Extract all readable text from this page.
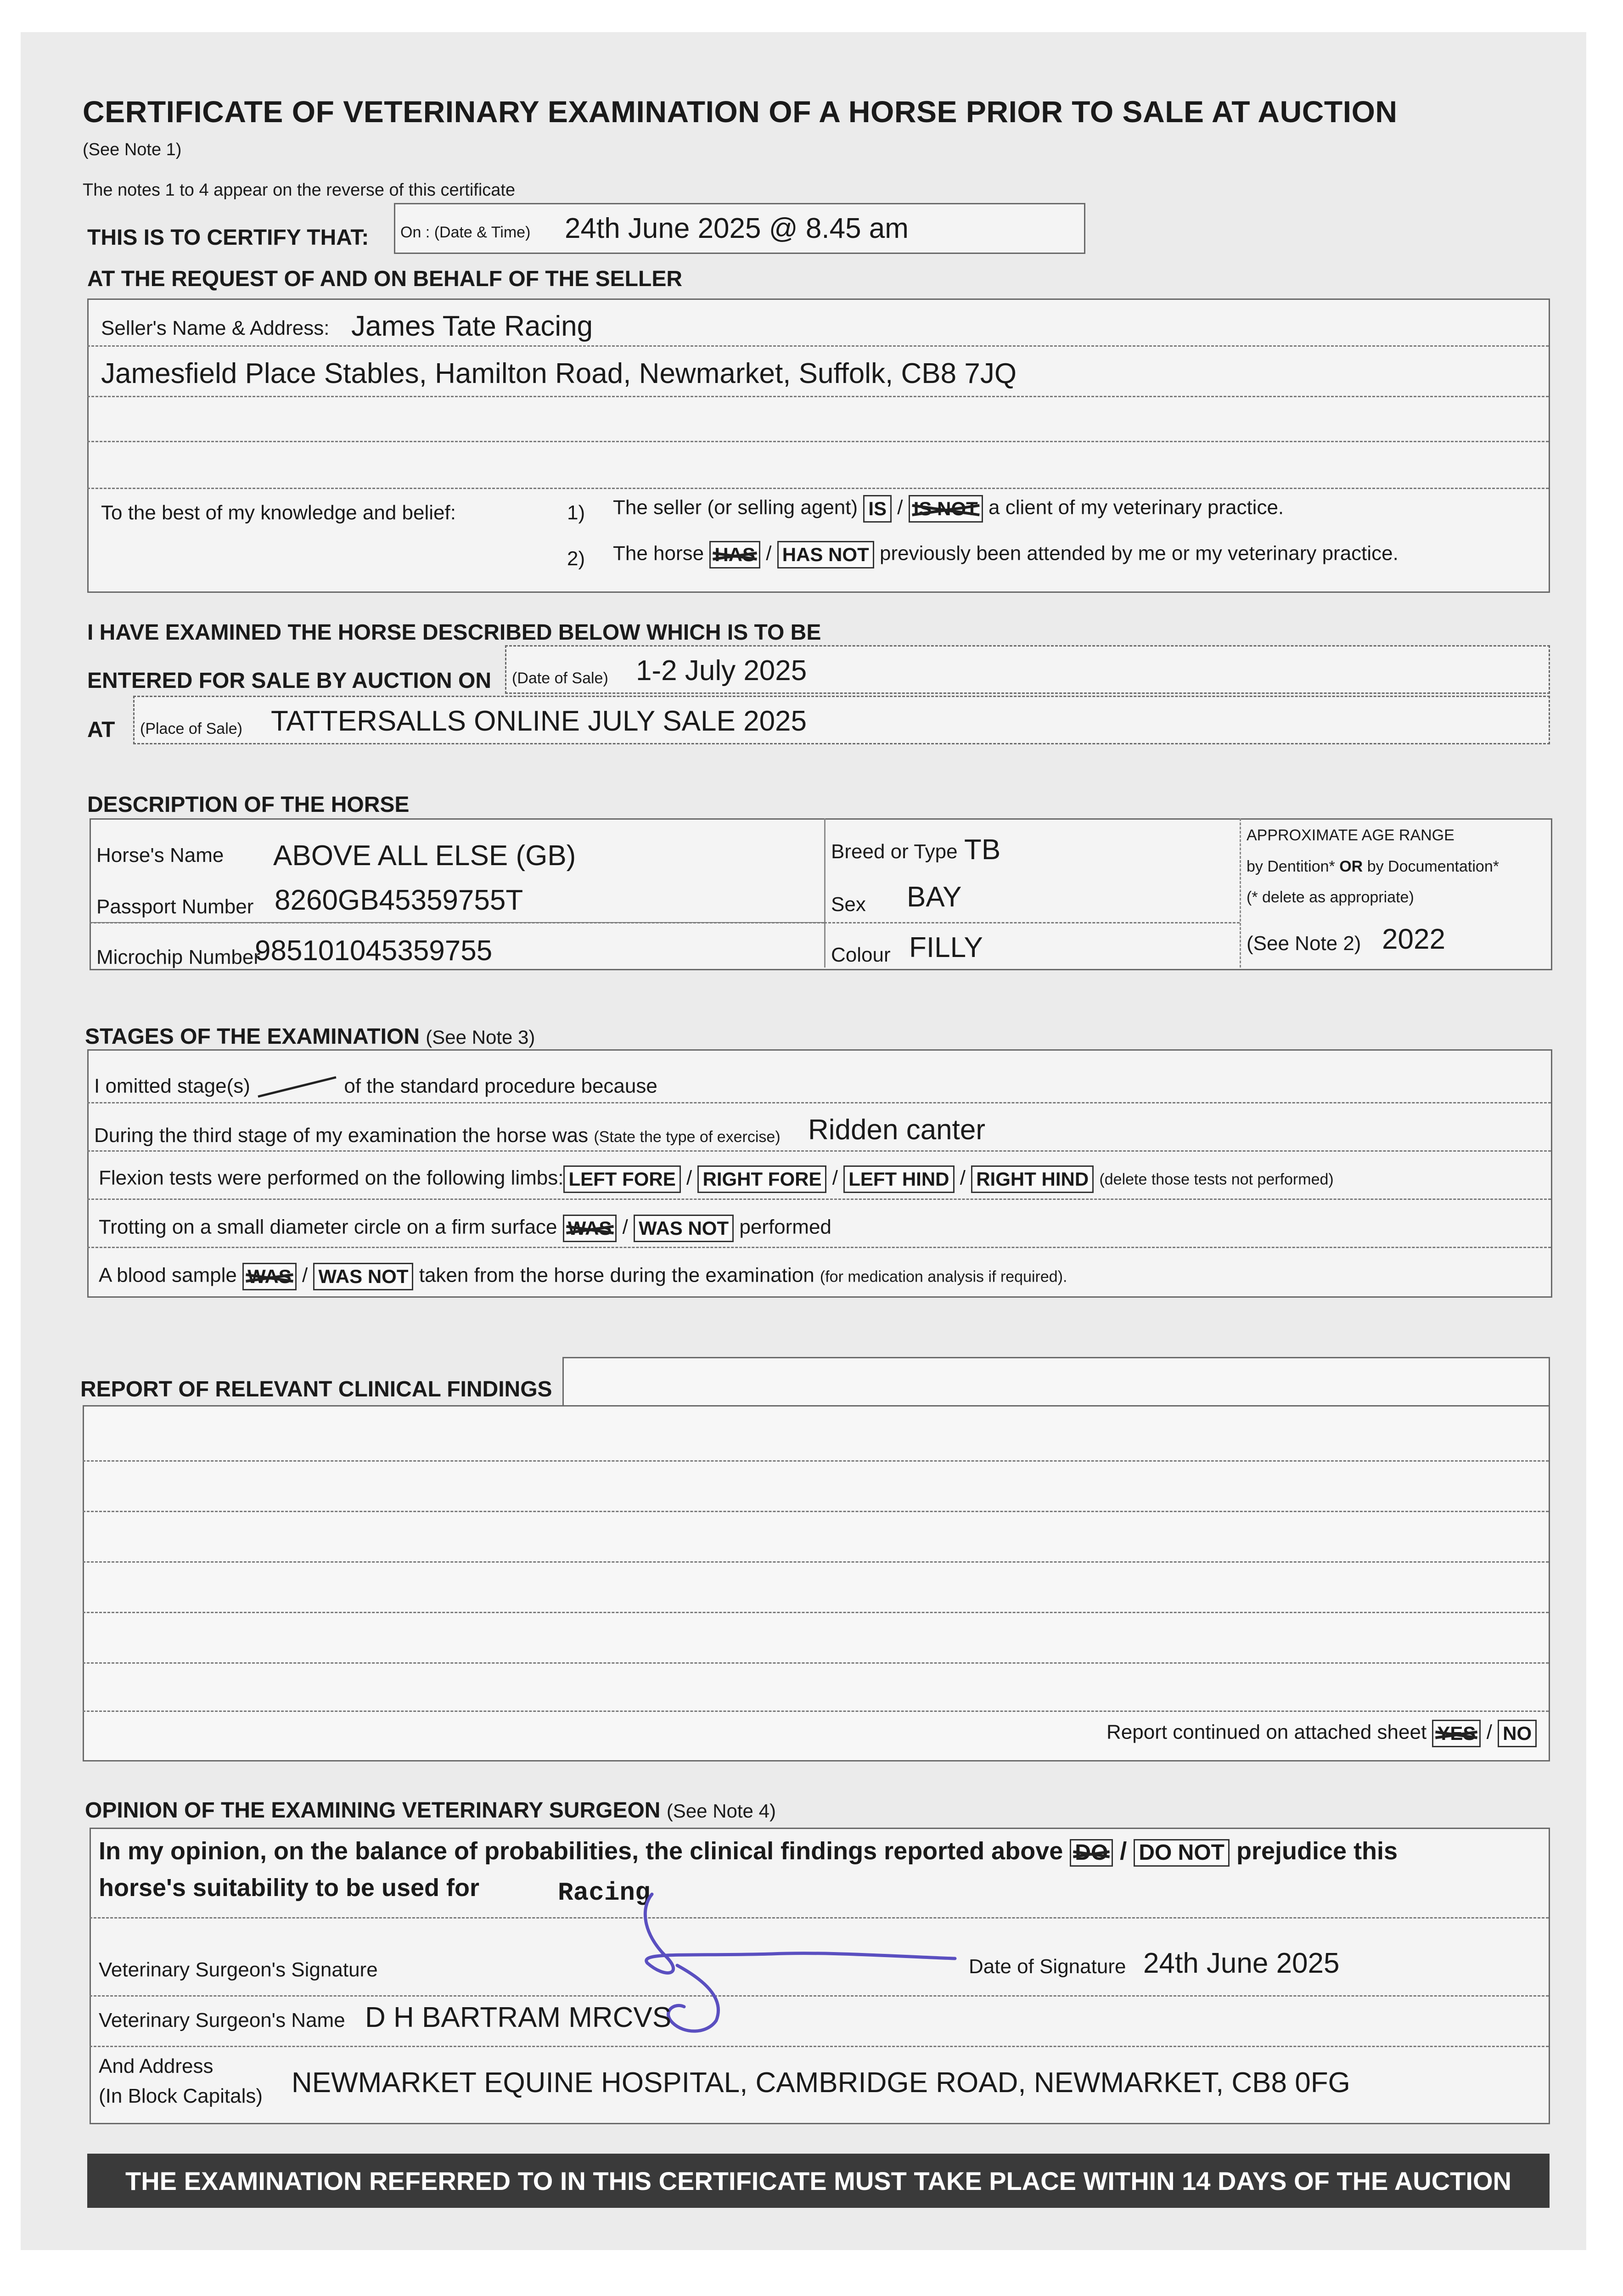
CERTIFICATE OF VETERINARY EXAMINATION OF A HORSE PRIOR TO SALE AT AUCTION
(See Note 1)
The notes 1 to 4 appear on the reverse of this certificate
THIS IS TO CERTIFY THAT: On : (Date & Time) 24th June 2025 @ 8.45 am
AT THE REQUEST OF AND ON BEHALF OF THE SELLER
Seller's Name & Address: James Tate Racing
Jamesfield Place Stables, Hamilton Road, Newmarket, Suffolk, CB8 7JQ
To the best of my knowledge and belief:	1) The seller (or selling agent) IS / IS NOT a client of my veterinary practice.
2) The horse HAS / HAS NOT previously been attended by me or my veterinary practice.
I HAVE EXAMINED THE HORSE DESCRIBED BELOW WHICH IS TO BE
ENTERED FOR SALE BY AUCTION ON (Date of Sale) 1-2 July 2025
AT (Place of Sale) TATTERSALLS ONLINE JULY SALE 2025
DESCRIPTION OF THE HORSE
Horse's Name ABOVE ALL ELSE (GB)
Passport Number 8260GB45359755T
Microchip Number
985101045359755
Breed or Type TB
Sex BAY
Colour FILLY
APPROXIMATE AGE RANGE
by Dentition* OR by Documentation*
(* delete as appropriate)
(See Note 2) 2022
STAGES OF THE EXAMINATION (See Note 3)
I omitted stage(s)	of the standard procedure because
During the third stage of my examination the horse was (State the type of exercise) Ridden canter
Flexion tests were performed on the following limbs: LEFT FORE / RIGHT FORE / LEFT HIND / RIGHT HIND (delete those tests not performed)
Trotting on a small diameter circle on a firm surface WAS / WAS NOT performed
A blood sample WAS / WAS NOT taken from the horse during the examination (for medication analysis if required).
REPORT OF RELEVANT CLINICAL FINDINGS
Report continued on attached sheet YES / NO
OPINION OF THE EXAMINING VETERINARY SURGEON (See Note 4)
In my opinion, on the balance of probabilities, the clinical findings reported above DO / DO NOT prejudice this
horse's suitability to be used for	Racing
Veterinary Surgeon's Signature	Date of Signature 24th June 2025
Veterinary Surgeon's Name D H BARTRAM MRCVS
And Address
(In Block Capitals) NEWMARKET EQUINE HOSPITAL, CAMBRIDGE ROAD, NEWMARKET, CB8 0FG
THE EXAMINATION REFERRED TO IN THIS CERTIFICATE MUST TAKE PLACE WITHIN 14 DAYS OF THE AUCTION
